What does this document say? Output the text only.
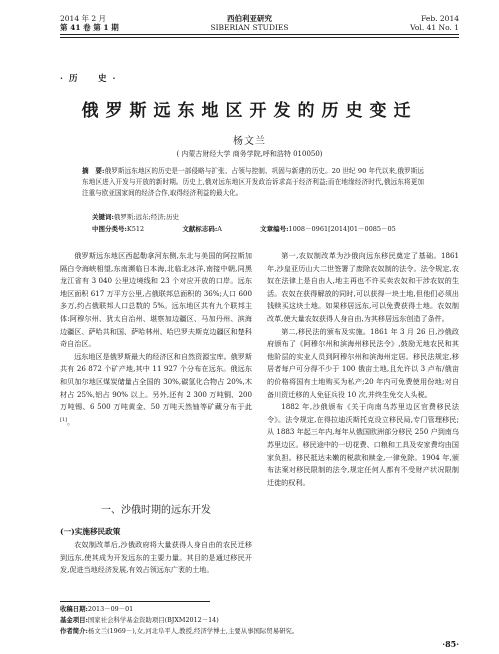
2014 年 2 月
第 41 卷 第 1 期
西伯利亚研究
SIBERIAN STUDIES
Feb. 2014
Vol. 41 No. 1
·历　史·
俄罗斯远东地区开发的历史变迁
杨文兰
( 内蒙古财经大学 商务学院,呼和浩特 010050)
摘　要:俄罗斯远东地区的历史是一部侵略与扩张、占领与控制、巩固与新建的历史。20 世纪 90 年代以来,俄罗斯远东地区进入开发与开放的新时期。历史上,俄对远东地区开发政治诉求高于经济利益;而在地缘经济时代,俄远东将更加注重与欧亚国家间的经济合作,取得经济利益的最大化。
关键词:俄罗斯;远东;经济;历史
中图分类号:K512	文献标志码:A	文章编号:1008－0961[2014]01－0085－05

俄罗斯远东地区西起勒拿河东侧,东北与美国的阿拉斯加隔白令海峡相望,东南濒临日本海,北临北冰洋,南接中朝,同黑龙江省有 3 040 公里边境线和 23 个对应开放的口岸。远东地区面积 617 万平方公里,占俄联邦总面积的 36%;人口 600 多万,约占俄联邦人口总数的 5%。远东地区共有九个联邦主体:阿穆尔州、犹太自治州、堪察加边疆区、马加丹州、滨海边疆区、萨哈共和国、萨哈林州、哈巴罗夫斯克边疆区和楚科奇自治区。

远东地区是俄罗斯最大的经济区和自然资源宝库。俄罗斯共有 26 872 个矿产地,其中 11 927 个分布在远东。俄远东和贝加尔地区煤炭储量占全国的 30%,碳氢化合物占 20%,木材占 25%,铝占 90% 以上。另外,还有 2 300 万吨铜、200 万吨锡、6 500 万吨黄金、50 万吨天然铀等矿藏分布于此[1]。

一、沙俄时期的远东开发
(一)实施移民政策

农奴制改革后,沙俄政府将大量获得人身自由的农民迁移到远东,使其成为开发远东的主要力量。其目的是通过移民开发,促进当地经济发展,有效占领远东广袤的土地。

第一,农奴制改革为沙俄向远东移民奠定了基础。1861 年,沙皇亚历山大二世签署了废除农奴制的法令。法令规定,农奴在法律上是自由人,地主再也不许买卖农奴和干涉农奴的生活。农奴在获得解放的同时,可以获得一块土地,但他们必须出钱赎买这块土地。如果移居远东,可以免费获得土地。农奴制改革,使大量农奴获得人身自由,为其移居远东创造了条件。

第二,移民法的颁布及实施。1861 年 3 月 26 日,沙俄政府颁布了《阿穆尔州和滨海州移民法令》,鼓励无地农民和其他阶层的实业人员到阿穆尔州和滨海州定居。移民法规定,移居者每户可分得不少于 100 俄亩土地,且允许以 3 卢布/俄亩的价格将国有土地购买为私产;20 年内可免费使用份地;对自备川资迁移的人免征兵役 10 次,并终生免交人头税。

1882 年,沙俄颁布《关于向南乌苏里边区官费移民法令》。法令规定,在得拉迪沃斯托克设立移民局,专门管理移民;从 1883 年起三年内,每年从俄国欧洲部分移民 250 户到南乌苏里边区。移民途中的一切花费、口粮和工具及安家费均由国家负担。移民抵达未嫩的税款和赎金,一律免除。1904 年,颁布法案对移民限制的法令,规定任何人都有不受财产状况限制迁徙的权利。

收稿日期:2013－09－01
基金项目:国家社会科学基金资助项目(BJXM2012－14)
作者简介:杨文兰(1969－),女,河北阜平人,教授,经济学博士,主要从事国际贸易研究。
·85·
